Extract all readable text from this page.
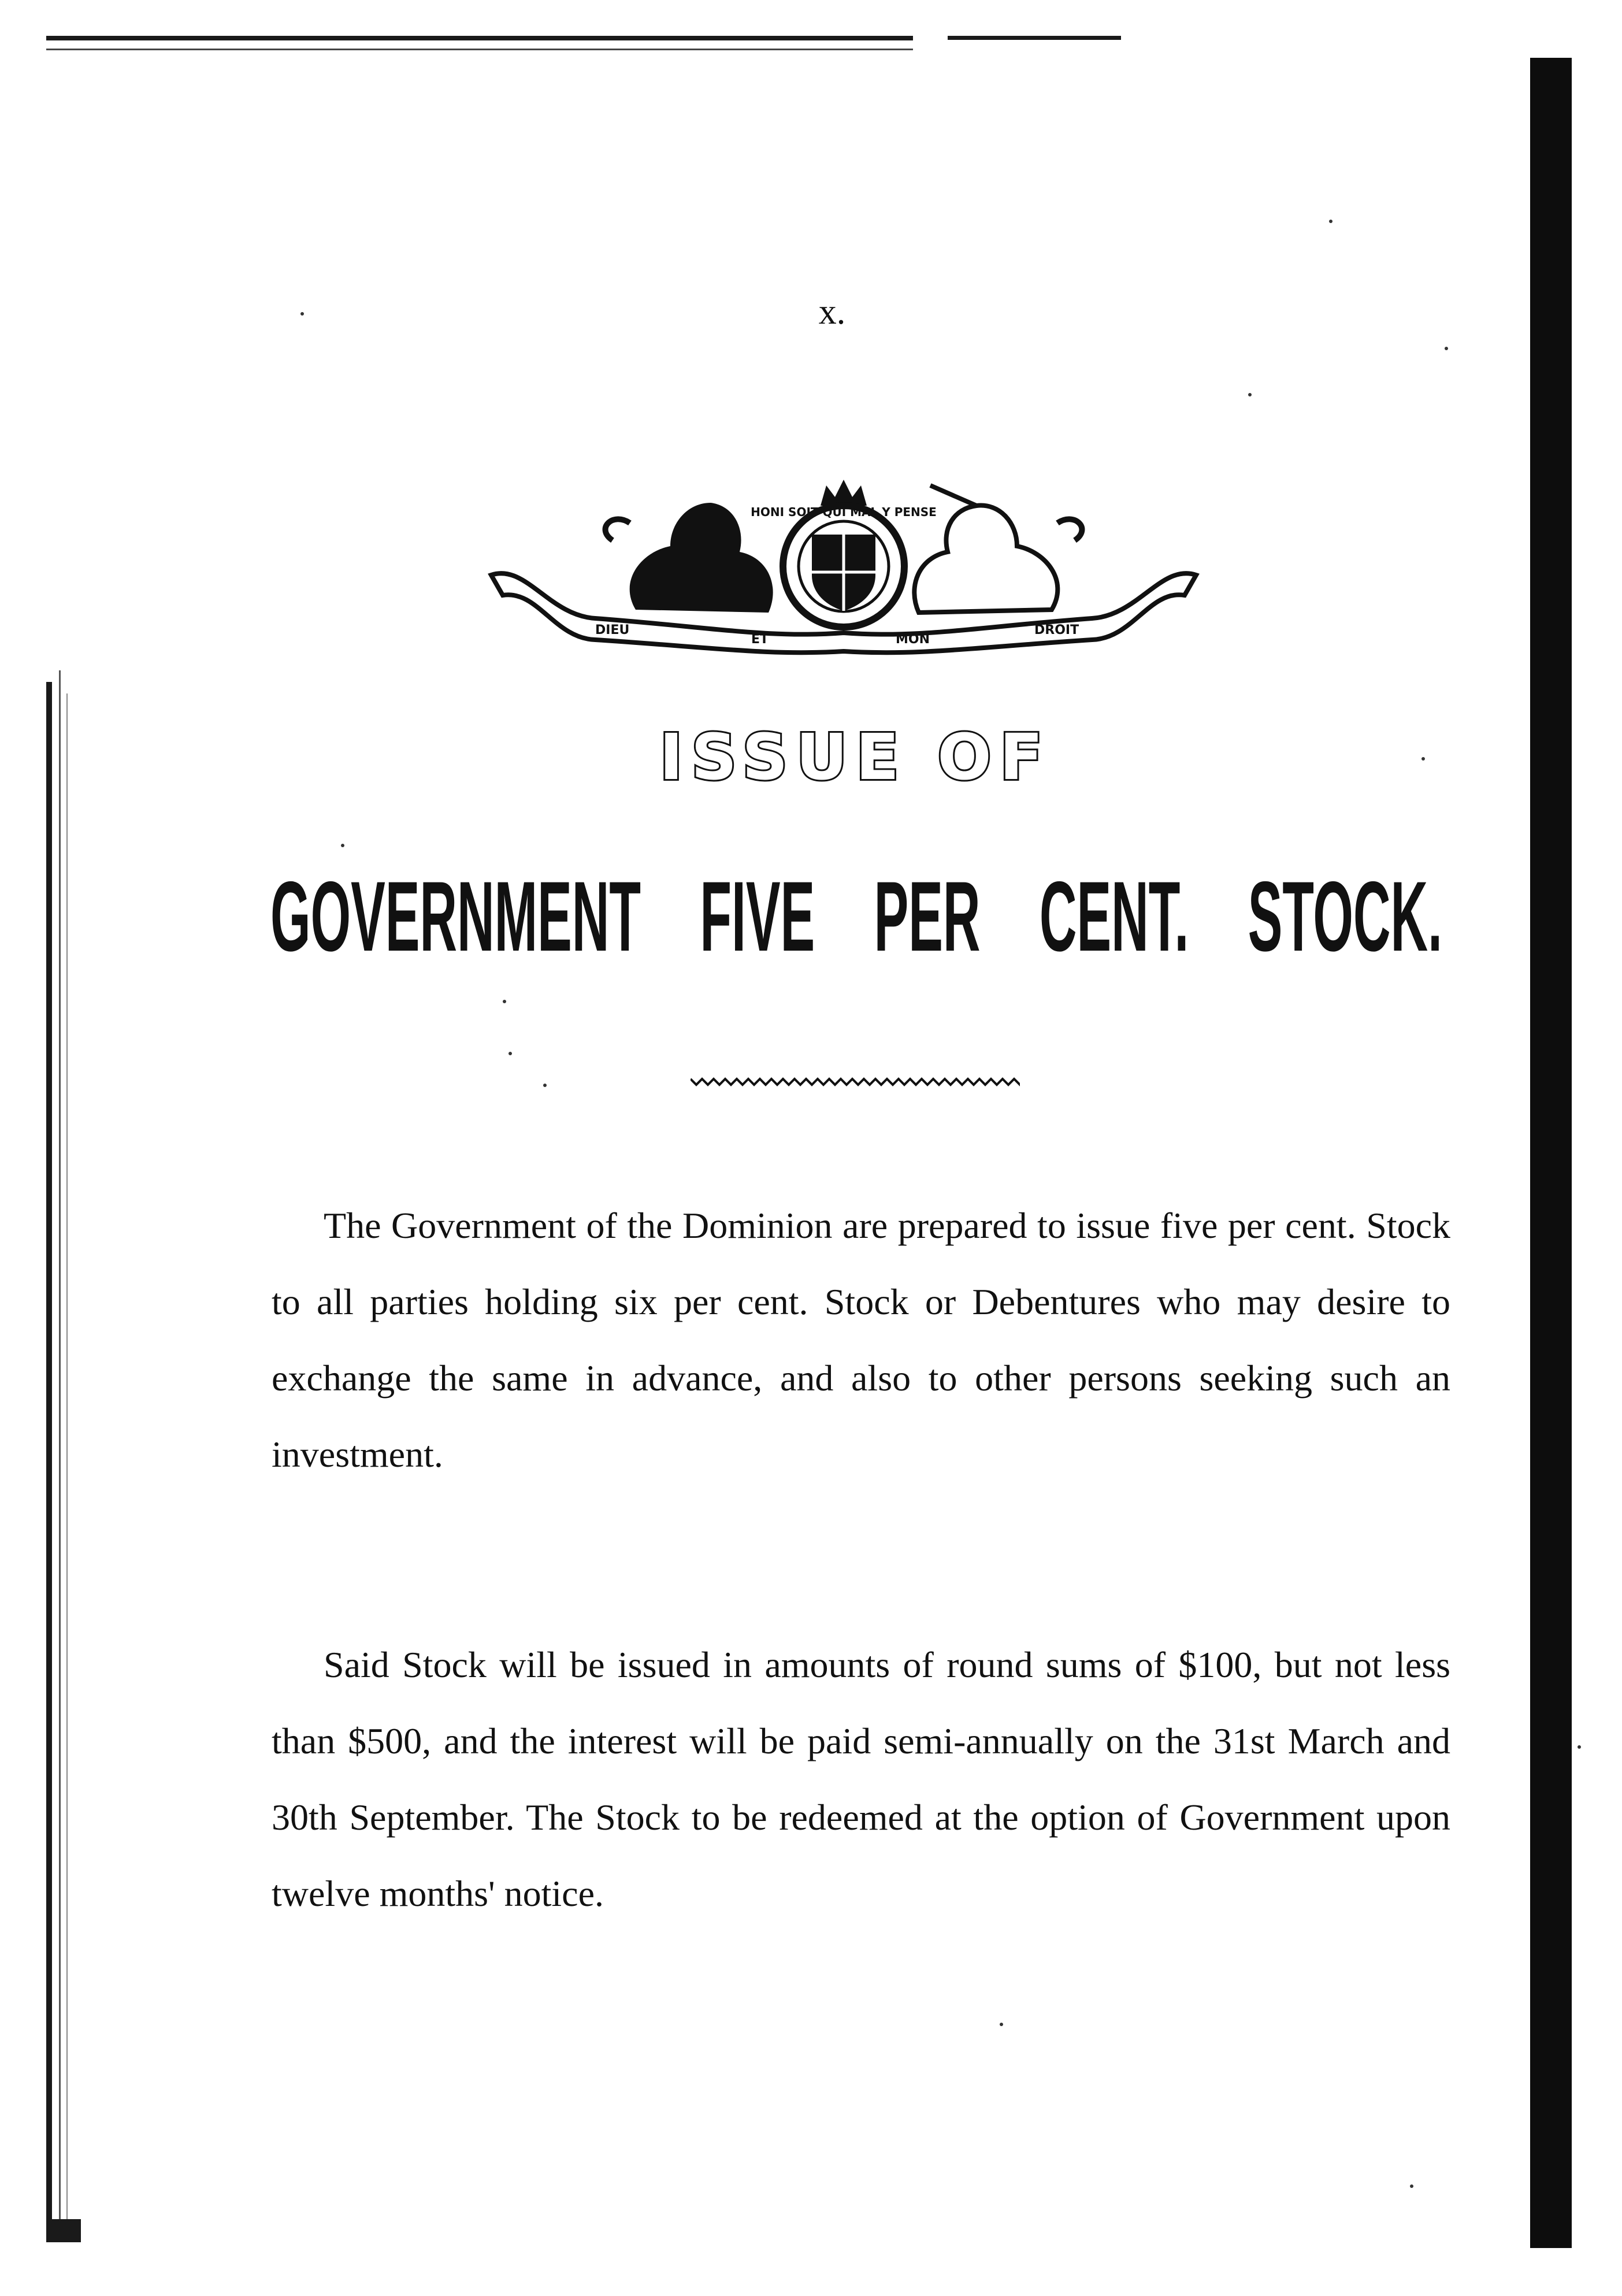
x.
HONI SOIT QUI MAL Y PENSE
DIEU
ET	MON
DROIT
ISSUE OF
GOVERNMENT FIVE PER CENT. STOCK.

The Government of the Dominion are prepared to issue five per cent. Stock to all parties holding six per cent. Stock or Debentures who may desire to exchange the same in advance, and also to other persons seeking such an investment.

Said Stock will be issued in amounts of round sums of $100, but not less than $500, and the interest will be paid semi-annually on the 31st March and 30th September. The Stock to be redeemed at the option of Government upon twelve months' notice.
